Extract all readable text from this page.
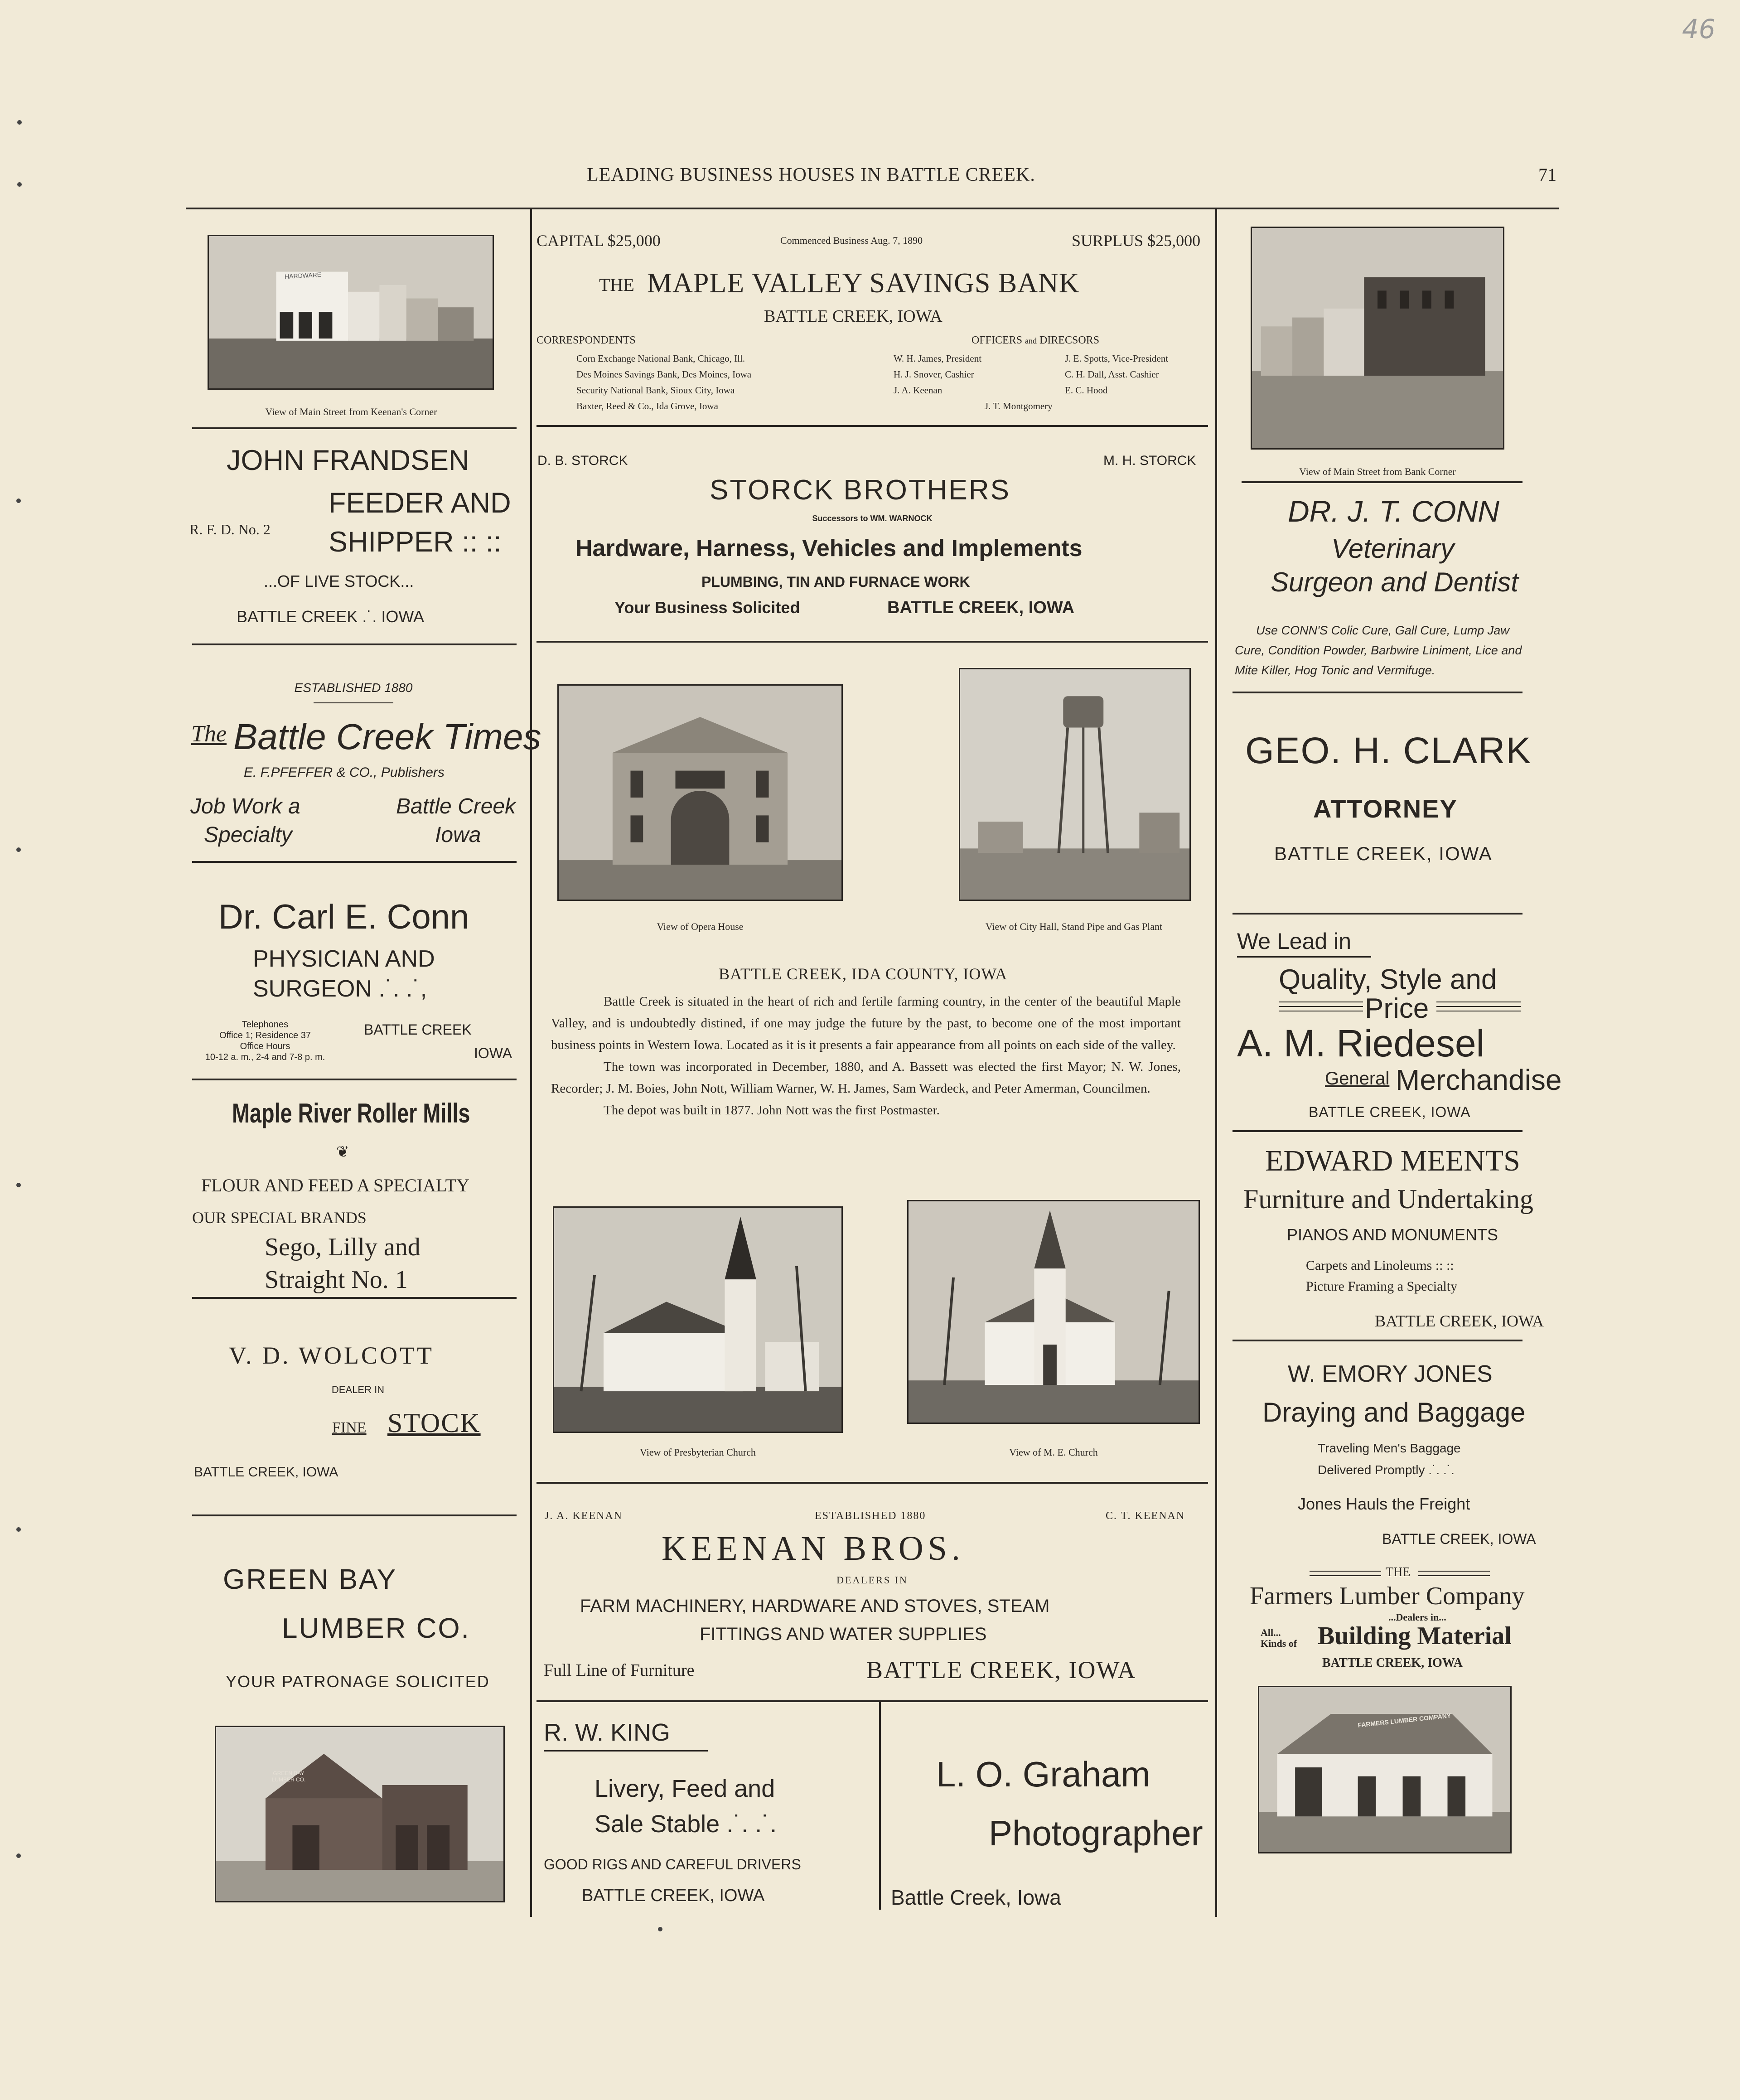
LEADING BUSINESS HOUSES IN BATTLE CREEK.	71
46
HARDWARE
View of Main Street from Keenan's Corner
JOHN FRANDSEN
R. F. D. No. 2
FEEDER AND
SHIPPER :: ::
...OF LIVE STOCK...
BATTLE CREEK .˙. IOWA
ESTABLISHED 1880
The Battle Creek Times
E. F.PFEFFER & CO., Publishers
Job Work a
Specialty
Battle Creek
Iowa
Dr. Carl E. Conn
PHYSICIAN AND
SURGEON .˙. .˙,
Telephones
Office 1; Residence 37
Office Hours
10-12 a. m., 2-4 and 7-8 p. m.
BATTLE CREEK
IOWA
Maple River Roller Mills
❦
FLOUR AND FEED A SPECIALTY
OUR SPECIAL BRANDS
Sego, Lilly and
Straight No. 1
V. D. WOLCOTT
DEALER IN
FINE STOCK
BATTLE CREEK, IOWA
GREEN BAY
LUMBER CO.
YOUR PATRONAGE SOLICITED
GREEN BAY LUMBER CO.
CAPITAL $25,000	Commenced Business Aug. 7, 1890	SURPLUS $25,000
THE MAPLE VALLEY SAVINGS BANK
BATTLE CREEK, IOWA
CORRESPONDENTS
Corn Exchange National Bank, Chicago, Ill.
Des Moines Savings Bank, Des Moines, Iowa
Security National Bank, Sioux City, Iowa
Baxter, Reed & Co., Ida Grove, Iowa
OFFICERS and DIRECSORS
W. H. James, President
H. J. Snover, Cashier
J. A. Keenan
J. E. Spotts, Vice-President
C. H. Dall, Asst. Cashier
E. C. Hood
J. T. Montgomery
D. B. STORCK	M. H. STORCK
STORCK BROTHERS
Successors to WM. WARNOCK
Hardware, Harness, Vehicles and Implements
PLUMBING, TIN AND FURNACE WORK
Your Business Solicited	BATTLE CREEK, IOWA
View of Opera House	View of City Hall, Stand Pipe and Gas Plant
BATTLE CREEK, IDA COUNTY, IOWA
Battle Creek is situated in the heart of rich and fertile farming country, in the center of the beautiful Maple Valley, and is undoubtedly distined, if one may judge the future by the past, to become one of the most important business points in Western Iowa. Located as it is it presents a fair appearance from all points on each side of the valley.
The town was incorporated in December, 1880, and A. Bassett was elected the first Mayor; N. W. Jones, Recorder; J. M. Boies, John Nott, William Warner, W. H. James, Sam Wardeck, and Peter Amerman, Councilmen.
The depot was built in 1877. John Nott was the first Postmaster.
View of Presbyterian Church	View of M. E. Church
J. A. KEENAN	ESTABLISHED 1880	C. T. KEENAN
KEENAN BROS.
DEALERS IN
FARM MACHINERY, HARDWARE AND STOVES, STEAM
FITTINGS AND WATER SUPPLIES
Full Line of Furniture	BATTLE CREEK, IOWA
R. W. KING
Livery, Feed and
Sale Stable .˙. .˙.
GOOD RIGS AND CAREFUL DRIVERS
BATTLE CREEK, IOWA
L. O. Graham
Photographer
Battle Creek, Iowa
View of Main Street from Bank Corner
DR. J. T. CONN
Veterinary
Surgeon and Dentist
Use CONN'S Colic Cure, Gall Cure, Lump Jaw
Cure, Condition Powder, Barbwire Liniment, Lice and
Mite Killer, Hog Tonic and Vermifuge.
GEO. H. CLARK
ATTORNEY
BATTLE CREEK, IOWA
We Lead in
Quality, Style and
Price
A. M. Riedesel
General Merchandise
BATTLE CREEK, IOWA
EDWARD MEENTS
Furniture and Undertaking
PIANOS AND MONUMENTS
Carpets and Linoleums :: ::
Picture Framing a Specialty
BATTLE CREEK, IOWA
W. EMORY JONES
Draying and Baggage
Traveling Men's Baggage
Delivered Promptly .˙. .˙.
Jones Hauls the Freight
BATTLE CREEK, IOWA
THE
Farmers Lumber Company
...Dealers in...
All...
Kinds of Building Material
BATTLE CREEK, IOWA
FARMERS LUMBER COMPANY
